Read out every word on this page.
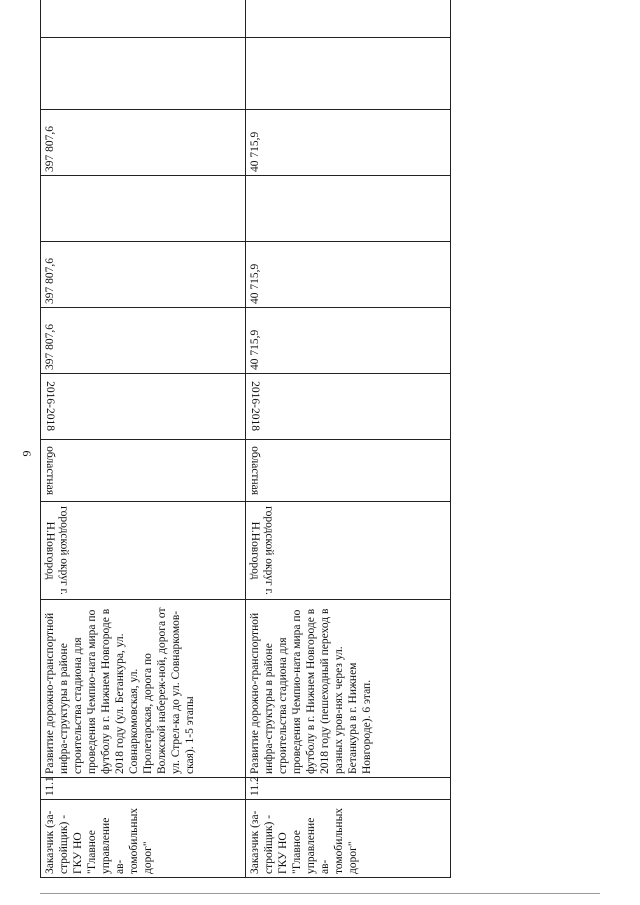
9
Заказчик (за-стройщик) - ГКУ НО "Главное управление ав-томобильных дорог"	11.1	Развитие дорожно-транспортной инфра-структуры в районе строительства стадиона для проведения Чемпио-ната мира по футболу в г. Нижнем Новгороде в 2018 году (ул. Бетанкура, ул. Совнаркомовская, ул. Пролетарская, дорога по Волжской набереж-ной, дорога от ул. Стрел-ка до ул. Совнаркомов-ская). 1-5 этапы	городской округ г. Н.Новгород	областная	2016-2018	397 807,6	397 807,6		397 807,6		
Заказчик (за-стройщик) - ГКУ НО "Главное управление ав-томобильных дорог"	11.2	Развитие дорожно-транспортной инфра-структуры в районе строительства стадиона для проведения Чемпио-ната мира по футболу в г. Нижнем Новгороде в 2018 году (пешеходный переход в разных уров-нях через ул. Бетанкура в г. Нижнем Новгороде). 6 этап.	городской округ г. Н.Новгород	областная	2016-2018	40 715,9	40 715,9		40 715,9		
